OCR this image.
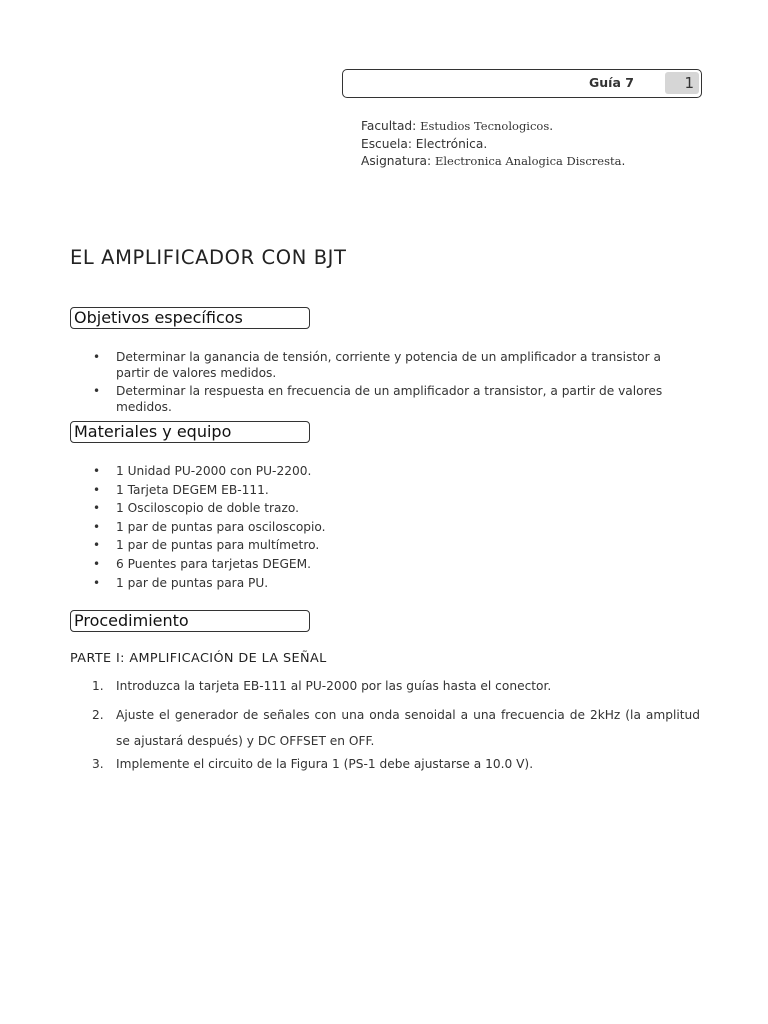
Guía 7	1
Facultad: Estudios Tecnologicos.
Escuela: Electrónica.
Asignatura: Electronica Analogica Discresta.
EL AMPLIFICADOR CON BJT
Objetivos específicos
• Determinar la ganancia de tensión, corriente y potencia de un amplificador a transistor a partir de valores medidos.
• Determinar la respuesta en frecuencia de un amplificador a transistor, a partir de valores medidos.
Materiales y equipo
• 1 Unidad PU-2000 con PU-2200.
• 1 Tarjeta DEGEM EB-111.
• 1 Osciloscopio de doble trazo.
• 1 par de puntas para osciloscopio.
• 1 par de puntas para multímetro.
• 6 Puentes para tarjetas DEGEM.
• 1 par de puntas para PU.
Procedimiento
PARTE I: AMPLIFICACIÓN DE LA SEÑAL
1. Introduzca la tarjeta EB-111 al PU-2000 por las guías hasta el conector.
2. Ajuste el generador de señales con una onda senoidal a una frecuencia de 2kHz (la amplitud se ajustará después) y DC OFFSET en OFF.
3. Implemente el circuito de la Figura 1 (PS-1 debe ajustarse a 10.0 V).
